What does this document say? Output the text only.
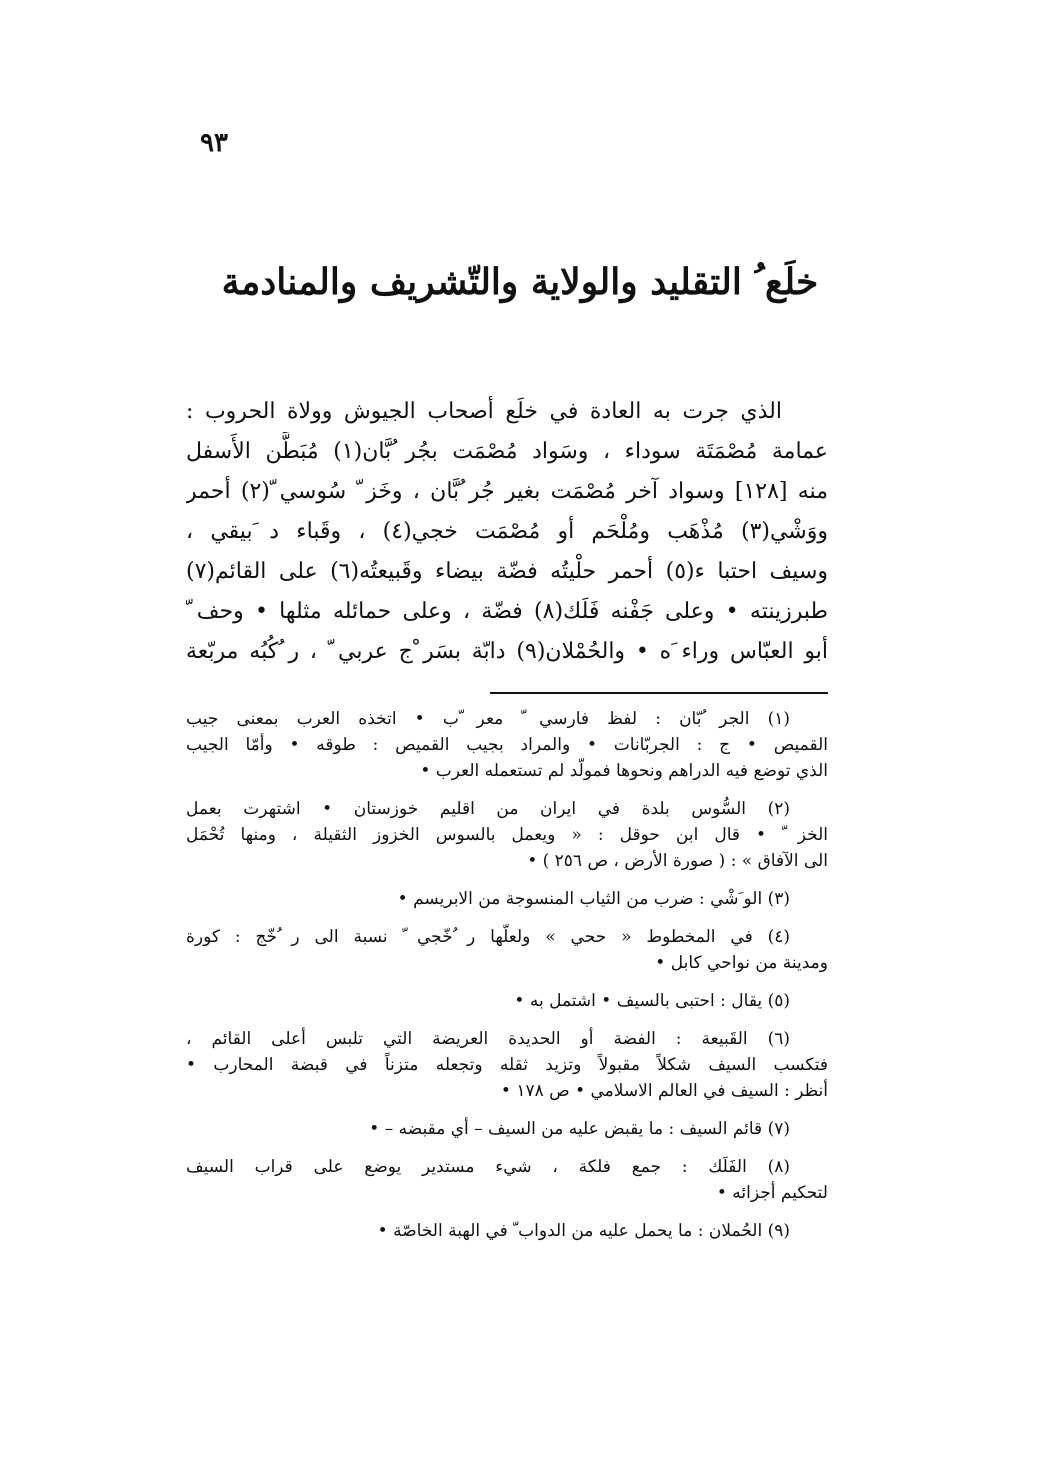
٩٣
خلَع ُ التقليد والولاية والتّشريف والمنادمة
الذي جرت به العادة في خلَع أصحاب الجيوش وولاة الحروب :
عمامة مُصْمَتَة سوداء ، وسَواد مُصْمَت بجُر ُبَّان(١) مُبَطَّن الأَسفل
منه [١٢٨] وسواد آخر مُصْمَت بغير جُر ُبَّان ، وخَز ّ سُوسي ّ(٢) أحمر
ووَشْي(٣) مُذْهَب ومُلْحَم أو مُصْمَت خجي(٤) ، وقَباء د َبيقي ،
وسيف احتبا ء(٥) أحمر حلْيتُه فضّة بيضاء وقَبيعتُه(٦) على القائم(٧)
طبرزينته • وعلى جَفْنه فَلَك(٨) فضّة ، وعلى حمائله مثلها • وحف ّ
أبو العبّاس وراء َه • والحُمْلان(٩) دابّة بسَر ْج عربي ّ ، ر ُكُبُه مربّعة
(١) الجر ُبّان : لفظ فارسي ّ معر ّب • اتخذه العرب بمعنى جيب
القميص • ج : الجربّانات • والمراد بجيب القميص : طوقه • وأمّا الجيب
الذي توضع فيه الدراهم ونحوها فمولّد لم تستعمله العرب •
(٢) السُّوس بلدة في ايران من اقليم خوزستان • اشتهرت بعمل
الخز ّ • قال ابن حوقل : « ويعمل بالسوس الخزوز الثقيلة ، ومنها تُحْمَل
الى الآفاق » : ( صورة الأرض ، ص ٢٥٦ ) •
(٣) الو َشْي : ضرب من الثياب المنسوجة من الابريسم •
(٤) في المخطوط « ححي » ولعلّها ر ُخّجي ّ نسبة الى ر ُخّج : كورة
ومدينة من نواحي كابل •
(٥) يقال : احتبى بالسيف • اشتمل به •
(٦) القَبيعة : الفضة أو الحديدة العريضة التي تلبس أعلى القائم ،
فتكسب السيف شكلاً مقبولاً وتزيد ثقله وتجعله متزناً في قبضة المحارب •
أنظر : السيف في العالم الاسلامي • ص ١٧٨ •
(٧) قائم السيف : ما يقبض عليه من السيف – أي مقبضه – •
(٨) الفَلَك : جمع فلكة ، شيء مستدير يوضع على قراب السيف
لتحكيم أجزائه •
(٩) الحُملان : ما يحمل عليه من الدواب ّ في الهبة الخاصّة •
